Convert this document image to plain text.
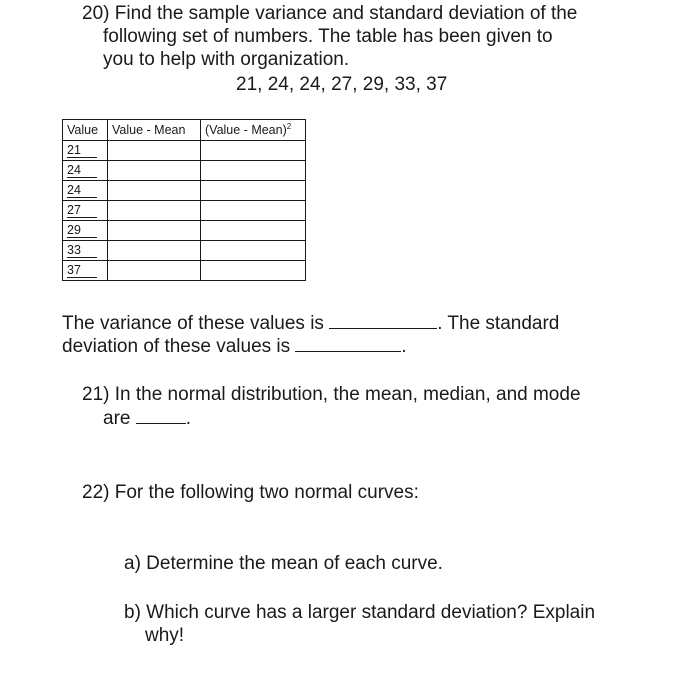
20) Find the sample variance and standard deviation of the
following set of numbers. The table has been given to
you to help with organization.
21, 24, 24, 27, 29, 33, 37
Value	Value - Mean	(Value - Mean)$^2$
21		
24		
24		
27		
29		
33		
37		
The variance of these values is	. The standard
deviation of these values is	.
21) In the normal distribution, the mean, median, and mode
are	.
22) For the following two normal curves:
a) Determine the mean of each curve.
b) Which curve has a larger standard deviation? Explain
why!
